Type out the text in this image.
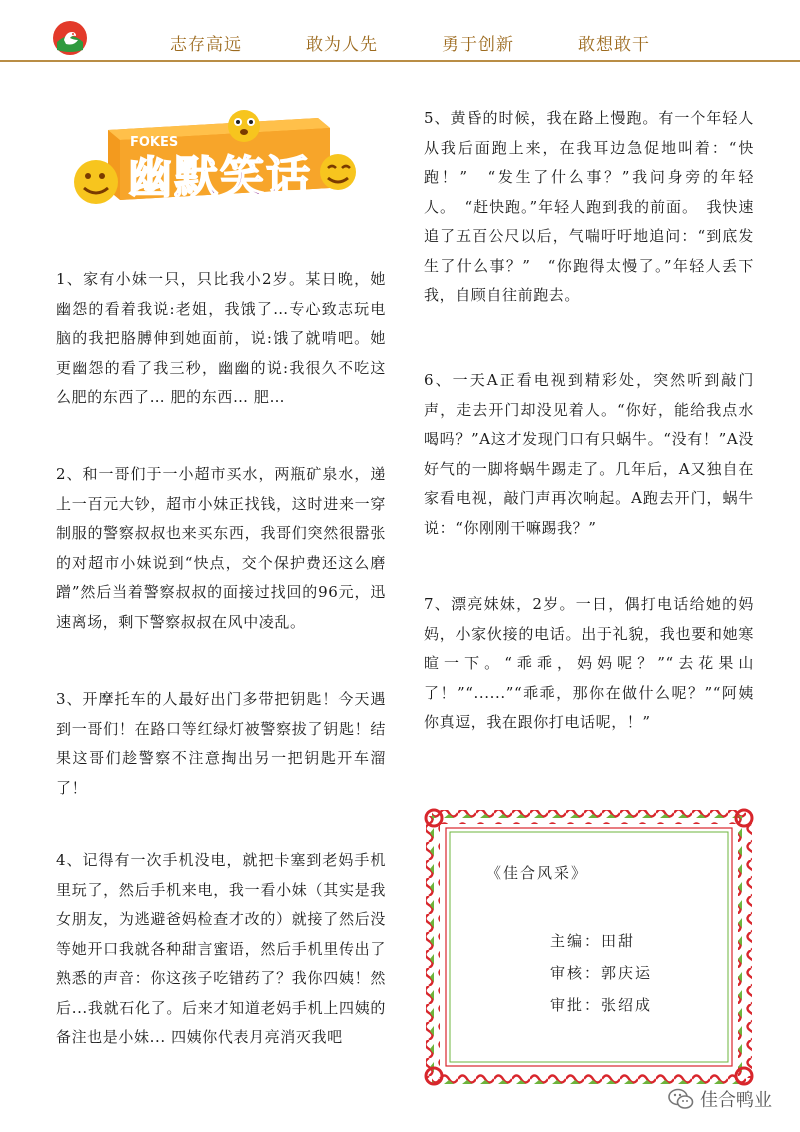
志存高远	敢为人先	勇于创新	敢想敢干
FOKES
幽默笑话

1、家有小妹一只，只比我小2岁。某日晚，她幽怨的看着我说:老姐，我饿了…专心致志玩电脑的我把胳膊伸到她面前，说:饿了就啃吧。她更幽怨的看了我三秒，幽幽的说:我很久不吃这么肥的东西了… 肥的东西… 肥…

2、和一哥们于一小超市买水，两瓶矿泉水，递上一百元大钞，超市小妹正找钱，这时进来一穿制服的警察叔叔也来买东西，我哥们突然很嚣张的对超市小妹说到“快点，交个保护费还这么磨蹭”然后当着警察叔叔的面接过找回的96元，迅速离场，剩下警察叔叔在风中凌乱。

3、开摩托车的人最好出门多带把钥匙！今天遇到一哥们！在路口等红绿灯被警察拔了钥匙！结果这哥们趁警察不注意掏出另一把钥匙开车溜了！

4、记得有一次手机没电，就把卡塞到老妈手机里玩了，然后手机来电，我一看小妹（其实是我女朋友，为逃避爸妈检查才改的）就接了然后没等她开口我就各种甜言蜜语，然后手机里传出了熟悉的声音：你这孩子吃错药了？我你四姨！然后...我就石化了。后来才知道老妈手机上四姨的备注也是小妹... 四姨你代表月亮消灭我吧

5、黄昏的时候，我在路上慢跑。有一个年轻人从我后面跑上来，在我耳边急促地叫着：“快跑！”　“发生了什么事？”我问身旁的年轻人。　“赶快跑。”年轻人跑到我的前面。　我快速追了五百公尺以后，气喘吁吁地追问：“到底发生了什么事？”　“你跑得太慢了。”年轻人丢下我，自顾自往前跑去。

6、一天A正看电视到精彩处，突然听到敲门声，走去开门却没见着人。“你好，能给我点水喝吗？”A这才发现门口有只蜗牛。“没有！”A没好气的一脚将蜗牛踢走了。几年后，A又独自在家看电视，敲门声再次响起。A跑去开门，蜗牛说：“你刚刚干嘛踢我？”

7、漂亮妹妹，2岁。一日，偶打电话给她的妈妈，小家伙接的电话。出于礼貌，我也要和她寒暄一下。“乖乖，妈妈呢？”“去花果山了！”“......”“乖乖，那你在做什么呢？”“阿姨你真逗，我在跟你打电话呢，！”

《佳合风采》
主编：田甜
审核：郭庆运
审批：张绍成
佳合鸭业
